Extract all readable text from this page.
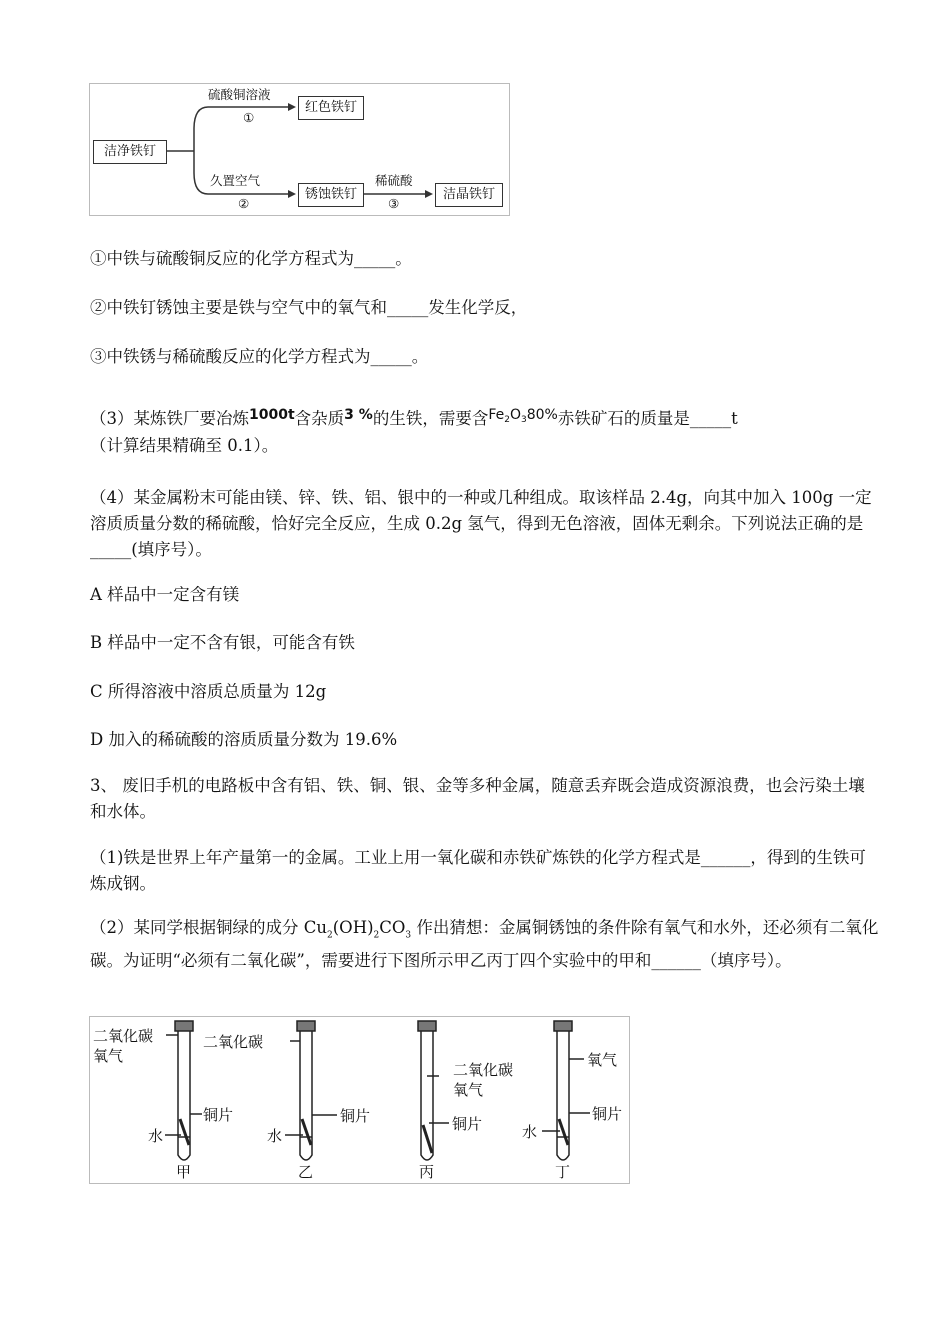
洁净铁钉
硫酸铜溶液
①
红色铁钉
久置空气
②
锈蚀铁钉
稀硫酸
③
洁晶铁钉
①中铁与硫酸铜反应的化学方程式为_____。
②中铁钉锈蚀主要是铁与空气中的氧气和_____发生化学反，
③中铁锈与稀硫酸反应的化学方程式为_____。
（3）某炼铁厂要冶炼$^{1000t}$含杂质$^{3 \%}$的生铁，需要含$^{Fe_2O_380\%}$赤铁矿石的质量是_____t
（计算结果精确至 0.1）。
（4）某金属粉末可能由镁、锌、铁、铝、银中的一种或几种组成。取该样品 2.4g，向其中加入 100g 一定溶质质量分数的稀硫酸，恰好完全反应，生成 0.2g 氢气，得到无色溶液，固体无剩余。下列说法正确的是_____(填序号）。
A 样品中一定含有镁
B 样品中一定不含有银，可能含有铁
C 所得溶液中溶质总质量为 12g
D 加入的稀硫酸的溶质质量分数为 19.6%
3、 废旧手机的电路板中含有铝、铁、铜、银、金等多种金属，随意丢弃既会造成资源浪费，也会污染土壤和水体。
（1)铁是世界上年产量第一的金属。工业上用一氧化碳和赤铁矿炼铁的化学方程式是______，得到的生铁可炼成钢。
（2）某同学根据铜绿的成分 $Cu_2(OH)_2CO_3$ 作出猜想：金属铜锈蚀的条件除有氧气和水外，还必须有二氧化碳。为证明“必须有二氧化碳”，需要进行下图所示甲乙丙丁四个实验中的甲和______（填序号）。
二氧化碳
氧气
铜片
水
甲
二氧化碳
铜片
水
乙
二氧化碳
氧气
铜片
丙
氧气
铜片
水
丁
